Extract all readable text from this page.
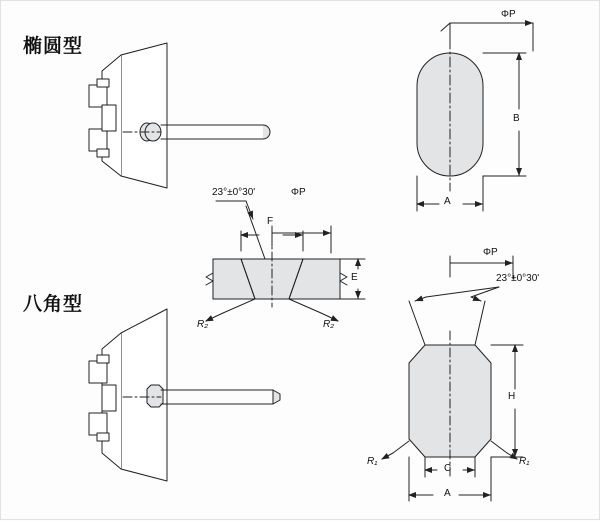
椭圆型
八角型
ΦP
B
A
23°±0°30'	ΦP
F
E
R₂	R₂
ΦP
23°±0°30'
H
C
A
R₁	R₁
